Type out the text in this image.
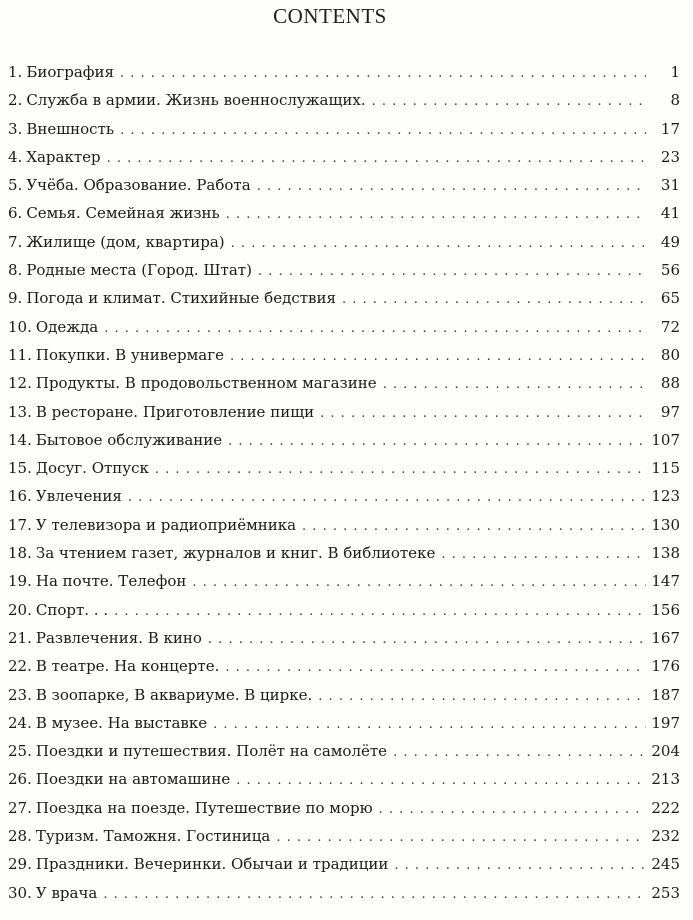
CONTENTS
1. Биография . . .	1
2. Служба в армии. Жизнь военнослужащих. . . .	8
3. Внешность . . .	17
4. Характер . . .	23
5. Учёба. Образование. Работа . . .	31
6. Семья. Семейная жизнь . . .	41
7. Жилище (дом, квартира) . . .	49
8. Родные места (Город. Штат) . . .	56
9. Погода и климат. Стихийные бедствия . . .	65
10. Одежда . . .	72
11. Покупки. В универмаге . . .	80
12. Продукты. В продовольственном магазине . . .	88
13. В ресторане. Приготовление пищи . . .	97
14. Бытовое обслуживание . . .	107
15. Досуг. Отпуск . . .	115
16. Увлечения . . .	123
17. У телевизора и радиоприёмника . . .	130
18. За чтением газет, журналов и книг. В библиотеке . . .	138
19. На почте. Телефон . . .	147
20. Спорт. . . . . .	156
21. Развлечения. В кино . . .	167
22. В театре. На концерте. . . .	176
23. В зоопарке, В аквариуме. В цирке. . . .	187
24. В музее. На выставке . . .	197
25. Поездки и путешествия. Полёт на самолёте . . .	204
26. Поездки на автомашине . . .	213
27. Поездка на поезде. Путешествие по морю . . .	222
28. Туризм. Таможня. Гостиница . . .	232
29. Праздники. Вечеринки. Обычаи и традиции . . .	245
30. У врача . . .	253
